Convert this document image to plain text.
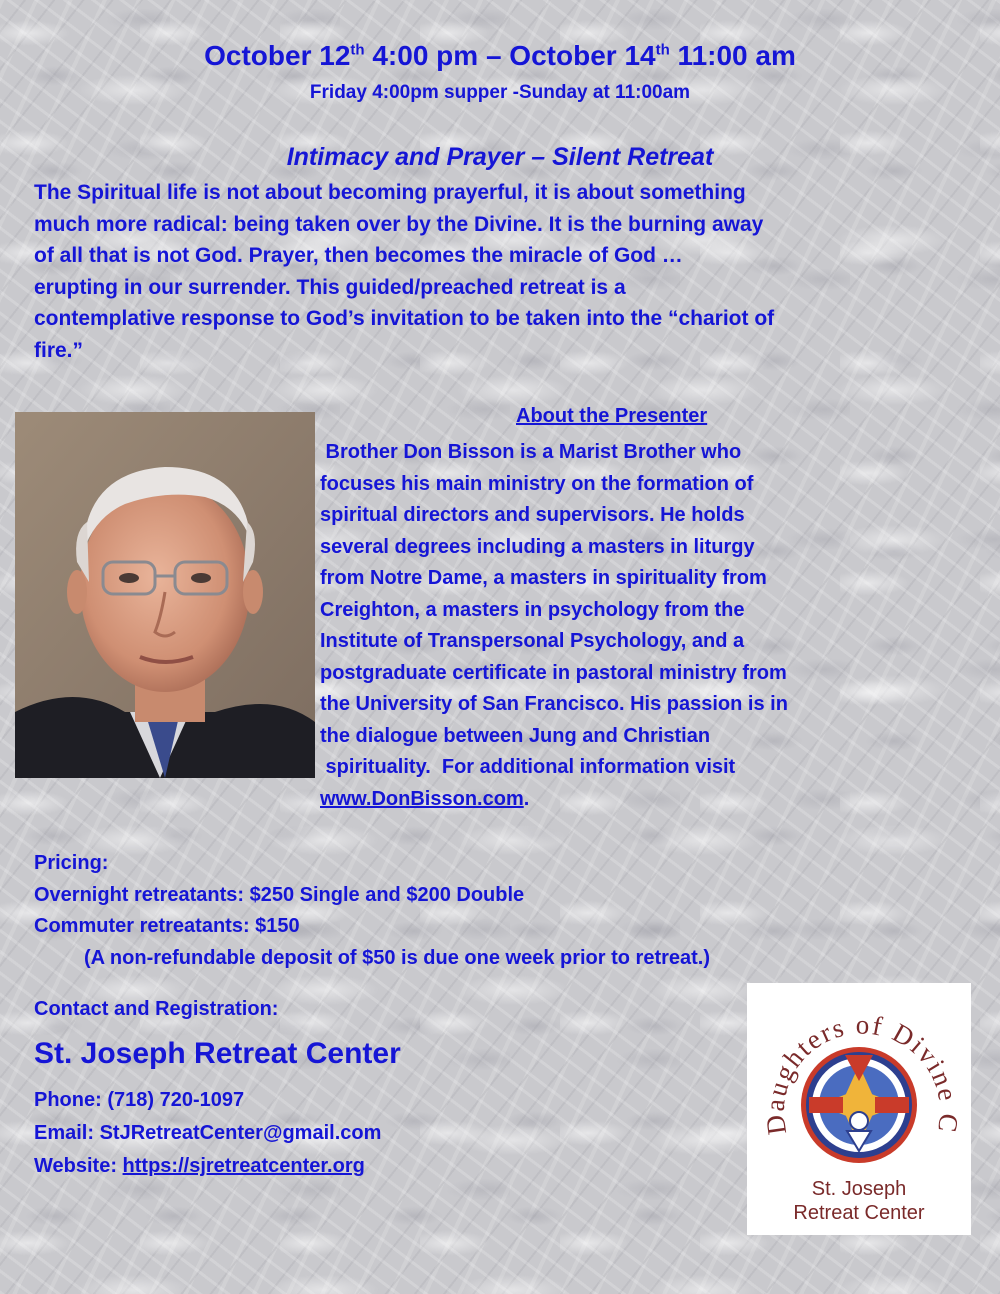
October 12th 4:00 pm – October 14th 11:00 am
Friday 4:00pm supper -Sunday at 11:00am
Intimacy and Prayer – Silent Retreat
The Spiritual life is not about becoming prayerful, it is about something
much more radical: being taken over by the Divine. It is the burning away
of all that is not God. Prayer, then becomes the miracle of God …
erupting in our surrender. This guided/preached retreat is a
contemplative response to God’s invitation to be taken into the “chariot of
fire.”
About the Presenter
Brother Don Bisson is a Marist Brother who
focuses his main ministry on the formation of
spiritual directors and supervisors. He holds
several degrees including a masters in liturgy
from Notre Dame, a masters in spirituality from
Creighton, a masters in psychology from the
Institute of Transpersonal Psychology, and a
postgraduate certificate in pastoral ministry from
the University of San Francisco. His passion is in
the dialogue between Jung and Christian
spirituality.  For additional information visit
www.DonBisson.com.
Pricing:
Overnight retreatants: $250 Single and $200 Double
Commuter retreatants: $150
(A non-refundable deposit of $50 is due one week prior to retreat.)
Contact and Registration:
St. Joseph Retreat Center
Phone: (718) 720-1097
Email: StJRetreatCenter@gmail.com
Website: https://sjretreatcenter.org
Daughters of Divine C
St. Joseph
Retreat Center
